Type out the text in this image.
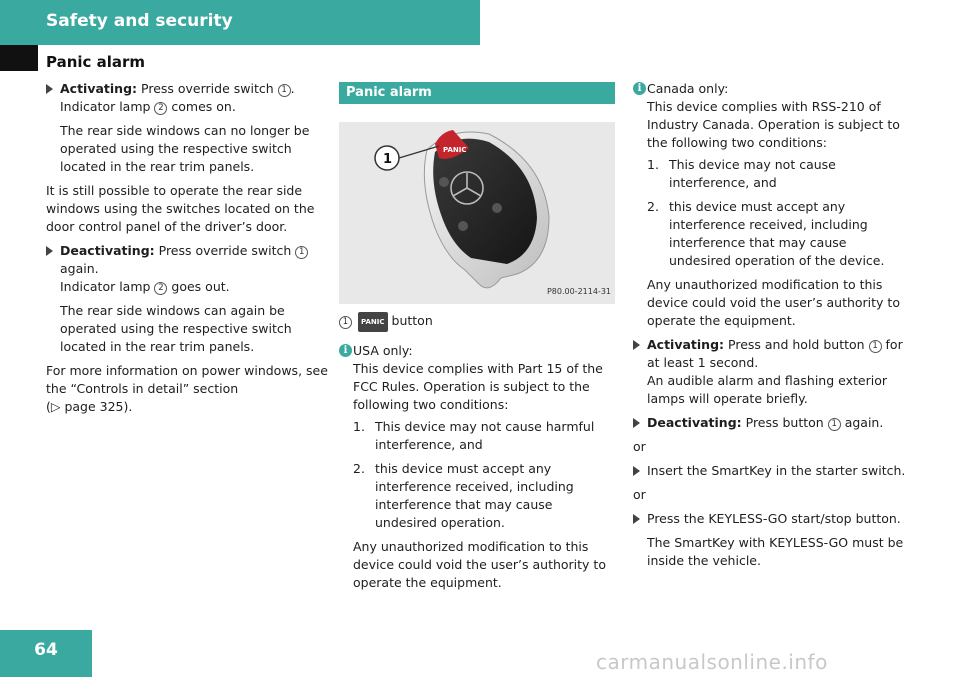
Safety and security
Panic alarm
Activating: Press override switch 1 .
Indicator lamp 2 comes on.

The rear side windows can no longer be operated using the respective switch located in the rear trim panels.

It is still possible to operate the rear side windows using the switches located on the door control panel of the driver’s door.

Deactivating: Press override switch 1 again.
Indicator lamp 2 goes out.

The rear side windows can again be operated using the respective switch located in the rear trim panels.

For more information on power windows, see the “Controls in detail” section
(▷ page 325).

Panic alarm
PANIC
1
P80.00-2114-31
1 PANIC button
i USA only:
This device complies with Part 15 of the FCC Rules. Operation is subject to the following two conditions:
1. This device may not cause harmful interference, and
2. this device must accept any interference received, including interference that may cause undesired operation.

Any unauthorized modification to this device could void the user’s authority to operate the equipment.

i Canada only:
This device complies with RSS-210 of Industry Canada. Operation is subject to the following two conditions:
1. This device may not cause interference, and
2. this device must accept any interference received, including interference that may cause undesired operation of the device.

Any unauthorized modification to this device could void the user’s authority to operate the equipment.

Activating: Press and hold button 1 for at least 1 second.
An audible alarm and flashing exterior lamps will operate briefly.
Deactivating: Press button 1 again.

or

Insert the SmartKey in the starter switch.

or

Press the KEYLESS-GO start/stop button.

The SmartKey with KEYLESS-GO must be inside the vehicle.

64	carmanualsonline.info
